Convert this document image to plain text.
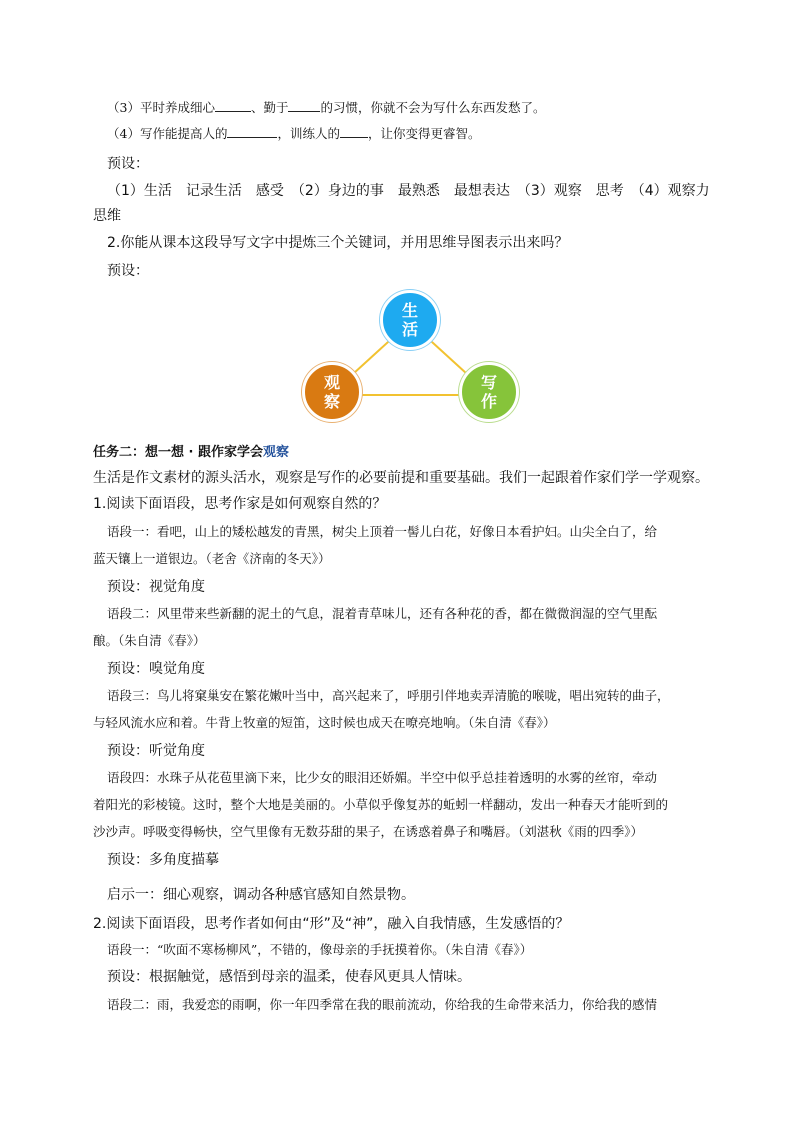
（3）平时养成细心	、勤于	的习惯，你就不会为写什么东西发愁了。
（4）写作能提高人的	，训练人的 ，让你变得更睿智。
预设：
（1）生活　记录生活　感受　（2）身边的事　最熟悉　最想表达　（3）观察　思考　（4）观察力
思维
2.你能从课本这段导写文字中提炼三个关键词，并用思维导图表示出来吗？
预设：
生活
观察
写作
任务二：想一想 · 跟作家学会观察
生活是作文素材的源头活水，观察是写作的必要前提和重要基础。我们一起跟着作家们学一学观察。
1.阅读下面语段，思考作家是如何观察自然的？
语段一：看吧，山上的矮松越发的青黑，树尖上顶着一髻儿白花，好像日本看护妇。山尖全白了，给
蓝天镶上一道银边。（老舍《济南的冬天》）
预设：视觉角度
语段二：风里带来些新翻的泥土的气息，混着青草味儿，还有各种花的香，都在微微润湿的空气里酝
酿。（朱自清《春》）
预设：嗅觉角度
语段三：鸟儿将窠巢安在繁花嫩叶当中，高兴起来了，呼朋引伴地卖弄清脆的喉咙，唱出宛转的曲子，
与轻风流水应和着。牛背上牧童的短笛，这时候也成天在嘹亮地响。（朱自清《春》）
预设：听觉角度
语段四：水珠子从花苞里滴下来，比少女的眼泪还娇媚。半空中似乎总挂着透明的水雾的丝帘，牵动
着阳光的彩棱镜。这时，整个大地是美丽的。小草似乎像复苏的蚯蚓一样翻动，发出一种春天才能听到的
沙沙声。呼吸变得畅快，空气里像有无数芬甜的果子，在诱惑着鼻子和嘴唇。（刘湛秋《雨的四季》）
预设：多角度描摹
启示一：细心观察，调动各种感官感知自然景物。
2.阅读下面语段，思考作者如何由“形”及“神”，融入自我情感，生发感悟的？
语段一：“吹面不寒杨柳风”，不错的，像母亲的手抚摸着你。（朱自清《春》）
预设：根据触觉，感悟到母亲的温柔，使春风更具人情味。
语段二：雨，我爱恋的雨啊，你一年四季常在我的眼前流动，你给我的生命带来活力，你给我的感情
